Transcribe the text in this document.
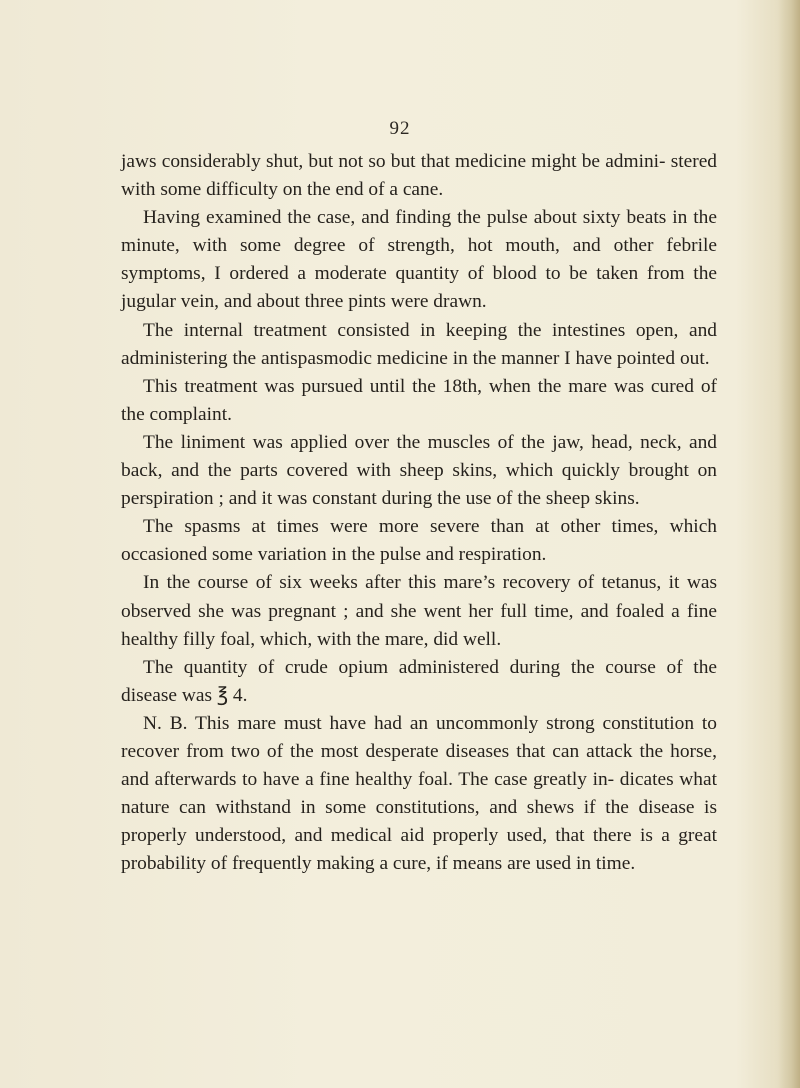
92

jaws considerably shut, but not so but that medicine might be admini- stered with some difficulty on the end of a cane.

Having examined the case, and finding the pulse about sixty beats in the minute, with some degree of strength, hot mouth, and other febrile symptoms, I ordered a moderate quantity of blood to be taken from the jugular vein, and about three pints were drawn.

The internal treatment consisted in keeping the intestines open, and administering the antispasmodic medicine in the manner I have pointed out.

This treatment was pursued until the 18th, when the mare was cured of the complaint.

The liniment was applied over the muscles of the jaw, head, neck, and back, and the parts covered with sheep skins, which quickly brought on perspiration ; and it was constant during the use of the sheep skins.

The spasms at times were more severe than at other times, which occasioned some variation in the pulse and respiration.

In the course of six weeks after this mare’s recovery of tetanus, it was observed she was pregnant ; and she went her full time, and foaled a fine healthy filly foal, which, with the mare, did well.

The quantity of crude opium administered during the course of the disease was ℥ 4.

N. B. This mare must have had an uncommonly strong constitution to recover from two of the most desperate diseases that can attack the horse, and afterwards to have a fine healthy foal. The case greatly in- dicates what nature can withstand in some constitutions, and shews if the disease is properly understood, and medical aid properly used, that there is a great probability of frequently making a cure, if means are used in time.
